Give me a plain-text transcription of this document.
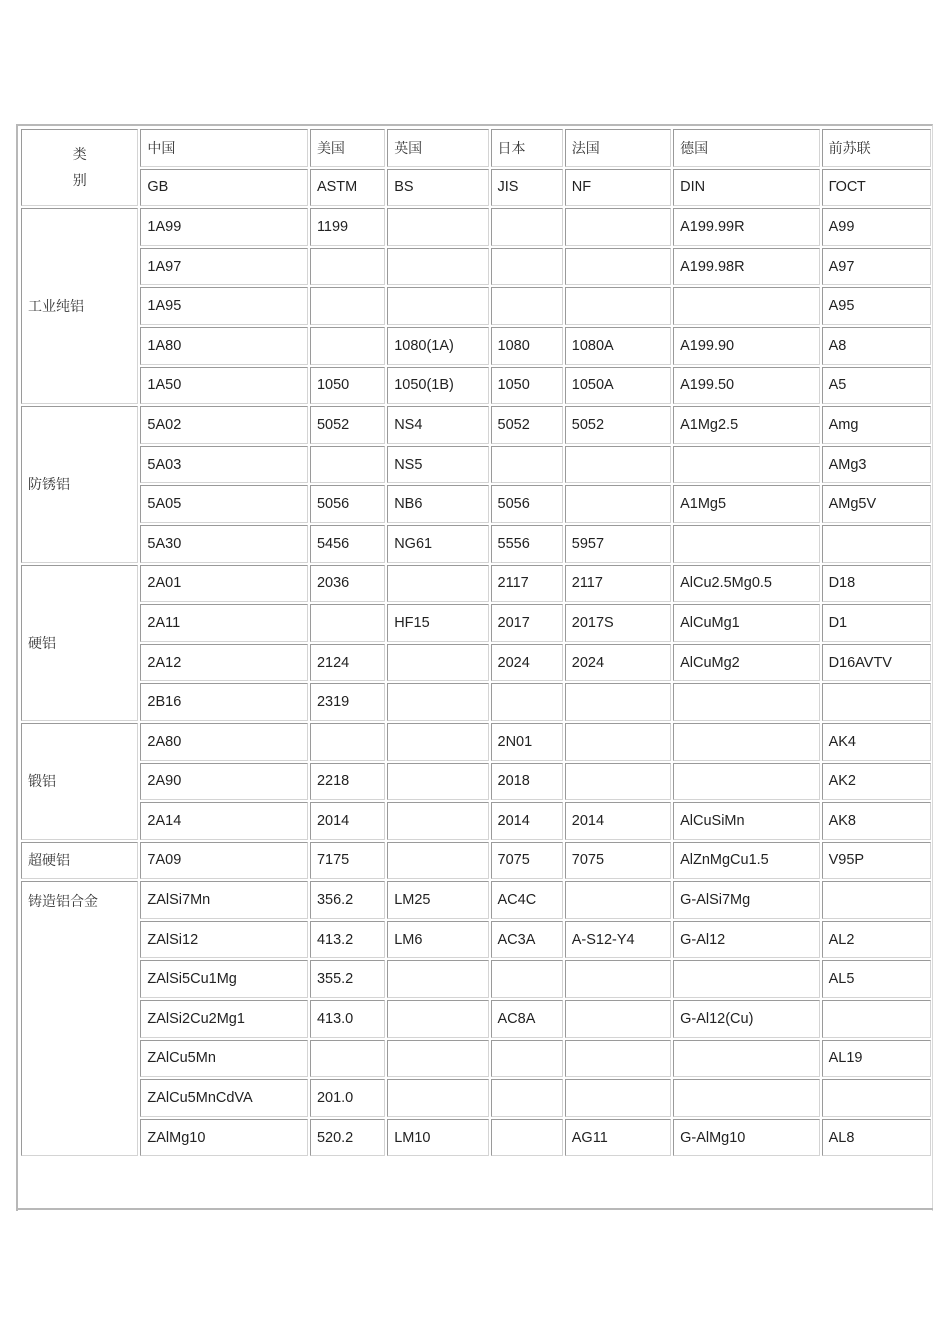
类
别	中国	美国	英国	日本	法国	德国	前苏联
	GB	ASTM	BS	JIS	NF	DIN	ГОСТ
工业纯铝	1A99	1199				A199.99R	A99
	1A97					A199.98R	A97
	1A95						A95
	1A80		1080(1A)	1080	1080A	A199.90	A8
	1A50	1050	1050(1B)	1050	1050A	A199.50	A5
防锈铝	5A02	5052	NS4	5052	5052	A1Mg2.5	Amg
	5A03		NS5				AMg3
	5A05	5056	NB6	5056		A1Mg5	AMg5V
	5A30	5456	NG61	5556	5957		
硬铝	2A01	2036		2117	2117	AlCu2.5Mg0.5	D18
	2A11		HF15	2017	2017S	AlCuMg1	D1
	2A12	2124		2024	2024	AlCuMg2	D16AVTV
	2B16	2319					
锻铝	2A80			2N01			AK4
	2A90	2218		2018			AK2
	2A14	2014		2014	2014	AlCuSiMn	AK8
超硬铝	7A09	7175		7075	7075	AlZnMgCu1.5	V95P
铸造铝合金	ZAlSi7Mn	356.2	LM25	AC4C		G-AlSi7Mg	
	ZAlSi12	413.2	LM6	AC3A	A-S12-Y4	G-Al12	AL2
	ZAlSi5Cu1Mg	355.2					AL5
	ZAlSi2Cu2Mg1	413.0		AC8A		G-Al12(Cu)	
	ZAlCu5Mn						AL19
	ZAlCu5MnCdVA	201.0					
	ZAlMg10	520.2	LM10		AG11	G-AlMg10	AL8
